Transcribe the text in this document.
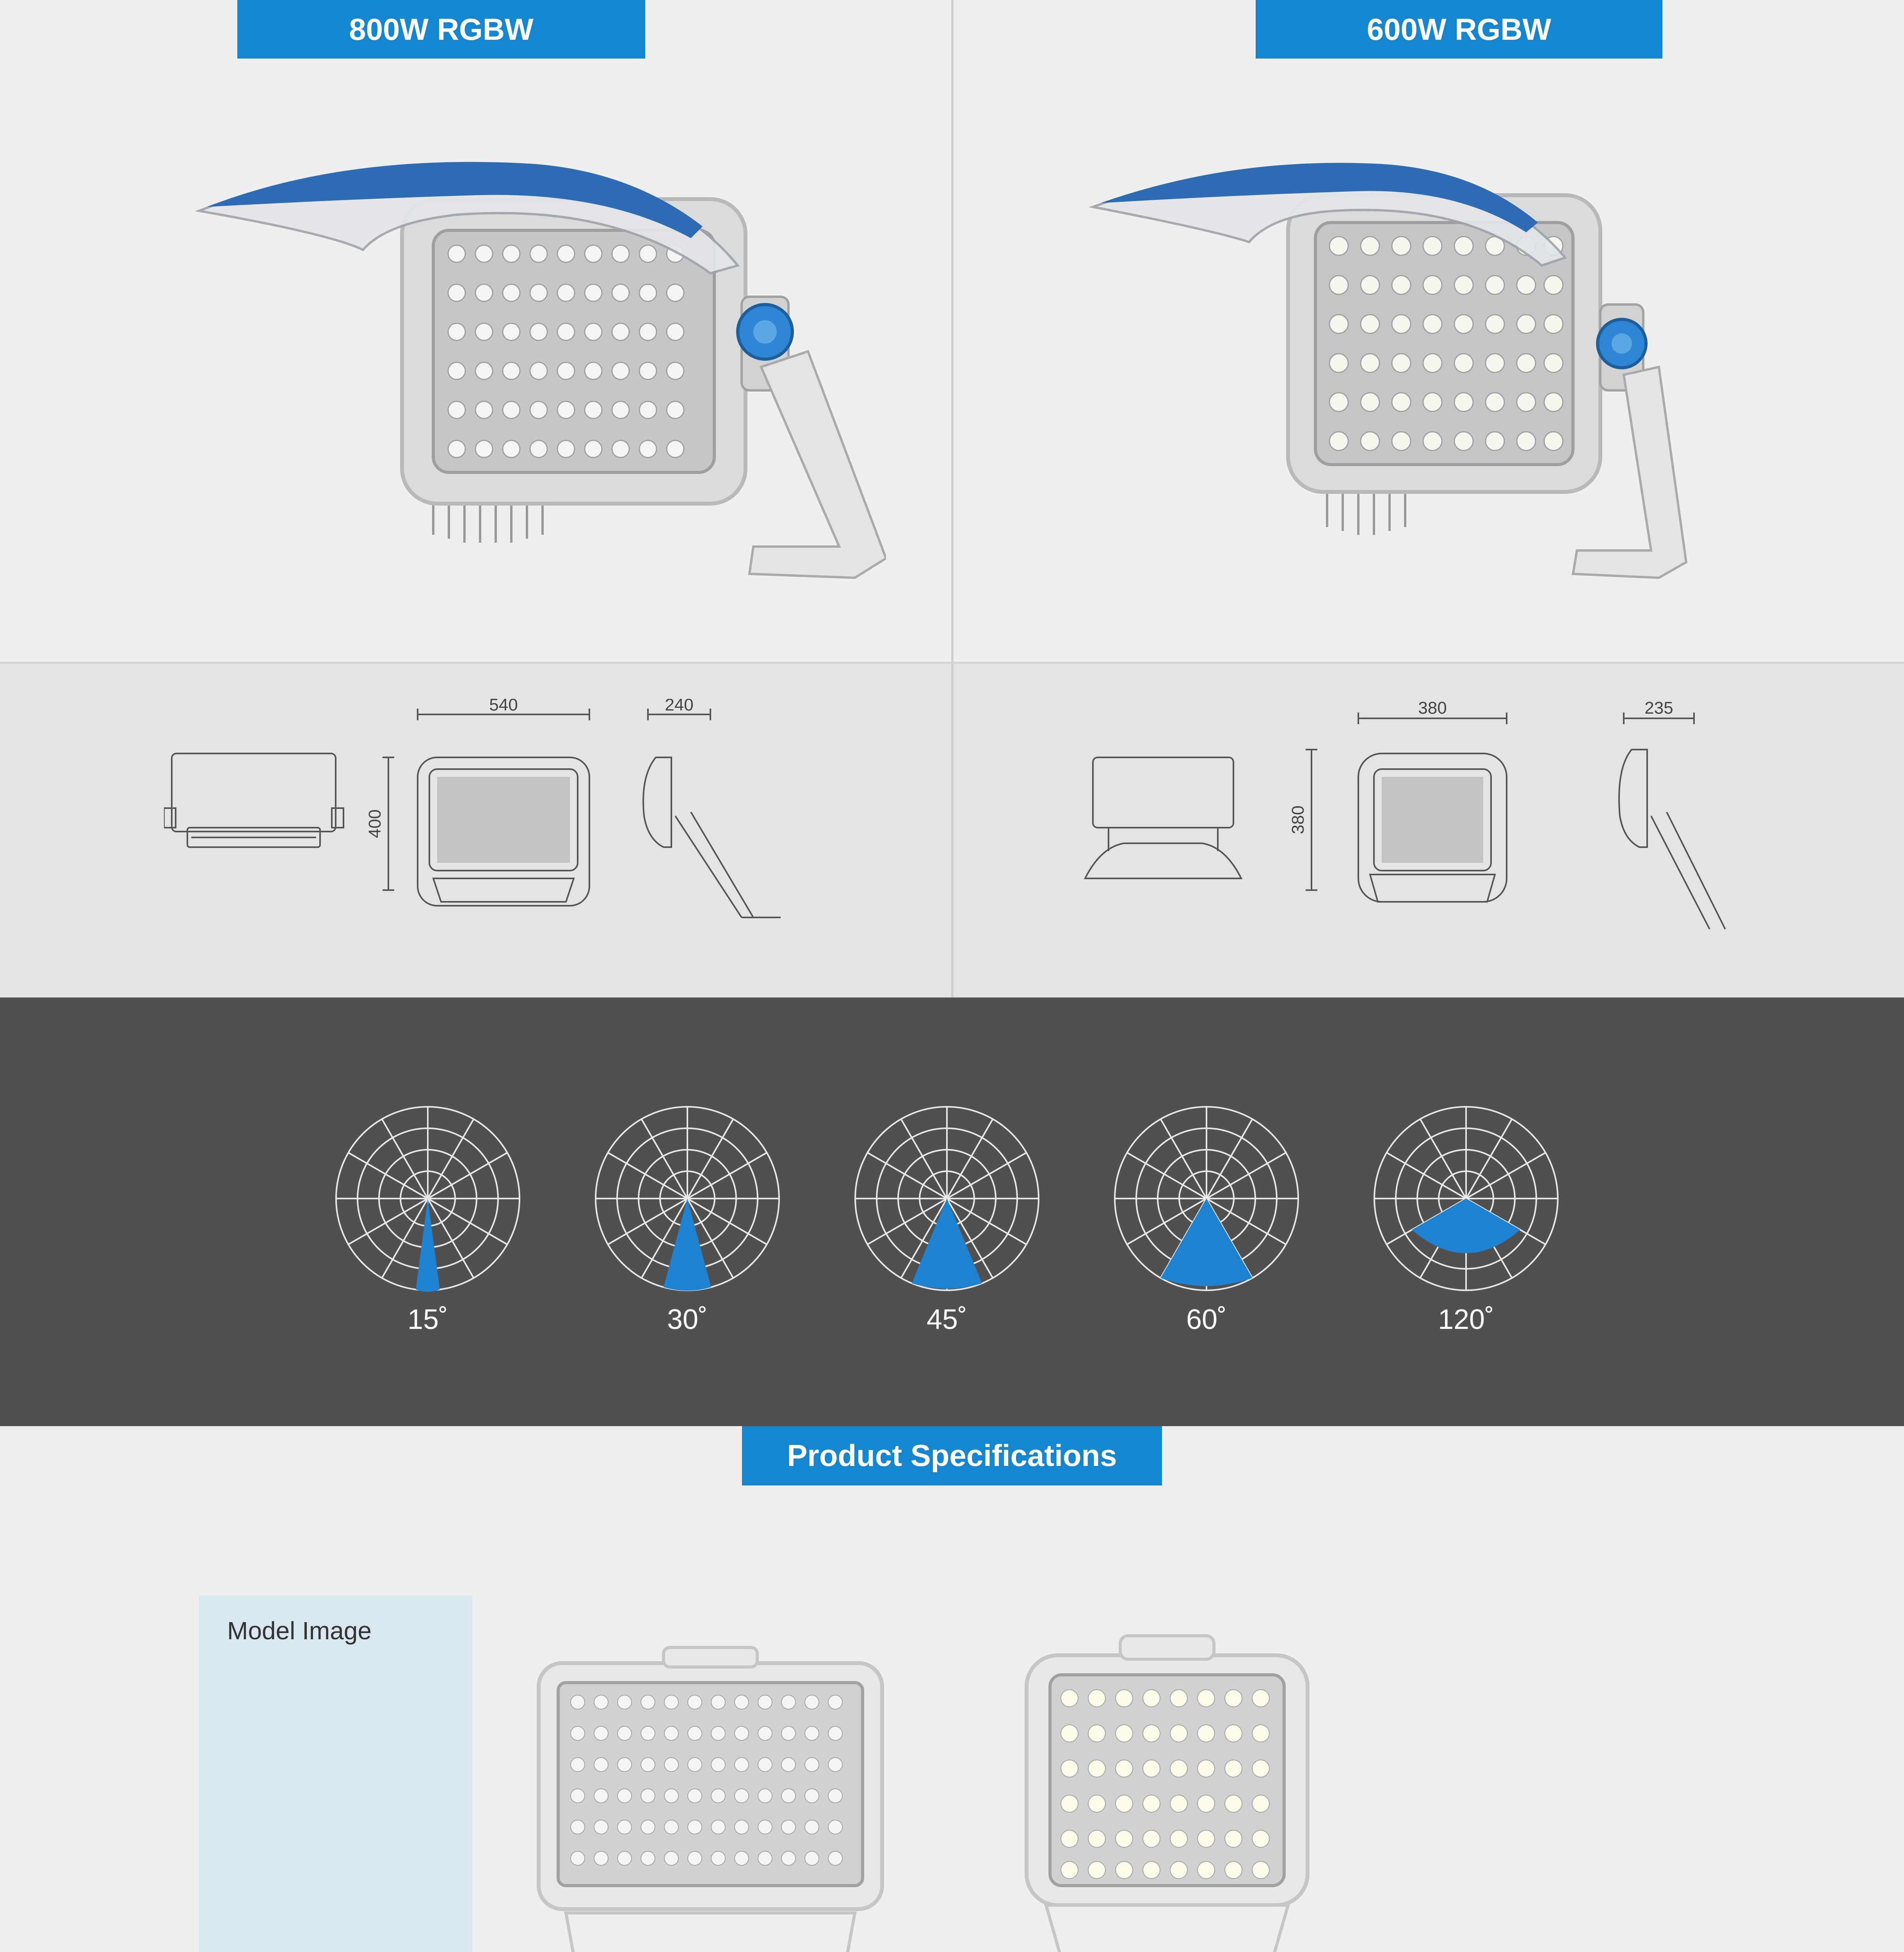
800W RGBW	600W RGBW
540	240
400
380	235
380
15˚	30˚	45˚	60˚	120˚
Product Specifications
Model Image
